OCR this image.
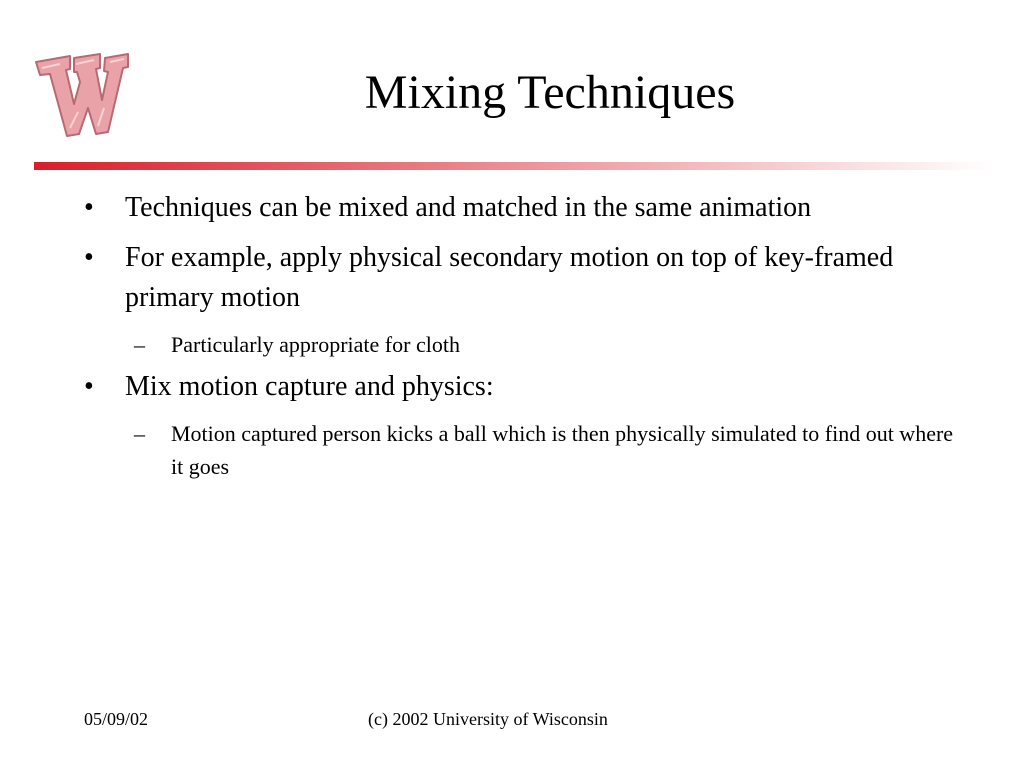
Mixing Techniques
•	Techniques can be mixed and matched in the same animation
•	For example, apply physical secondary motion on top of key-framed primary motion
–	Particularly appropriate for cloth
•	Mix motion capture and physics:
–	Motion captured person kicks a ball which is then physically simulated to find out where it goes
05/09/02	(c) 2002 University of Wisconsin
